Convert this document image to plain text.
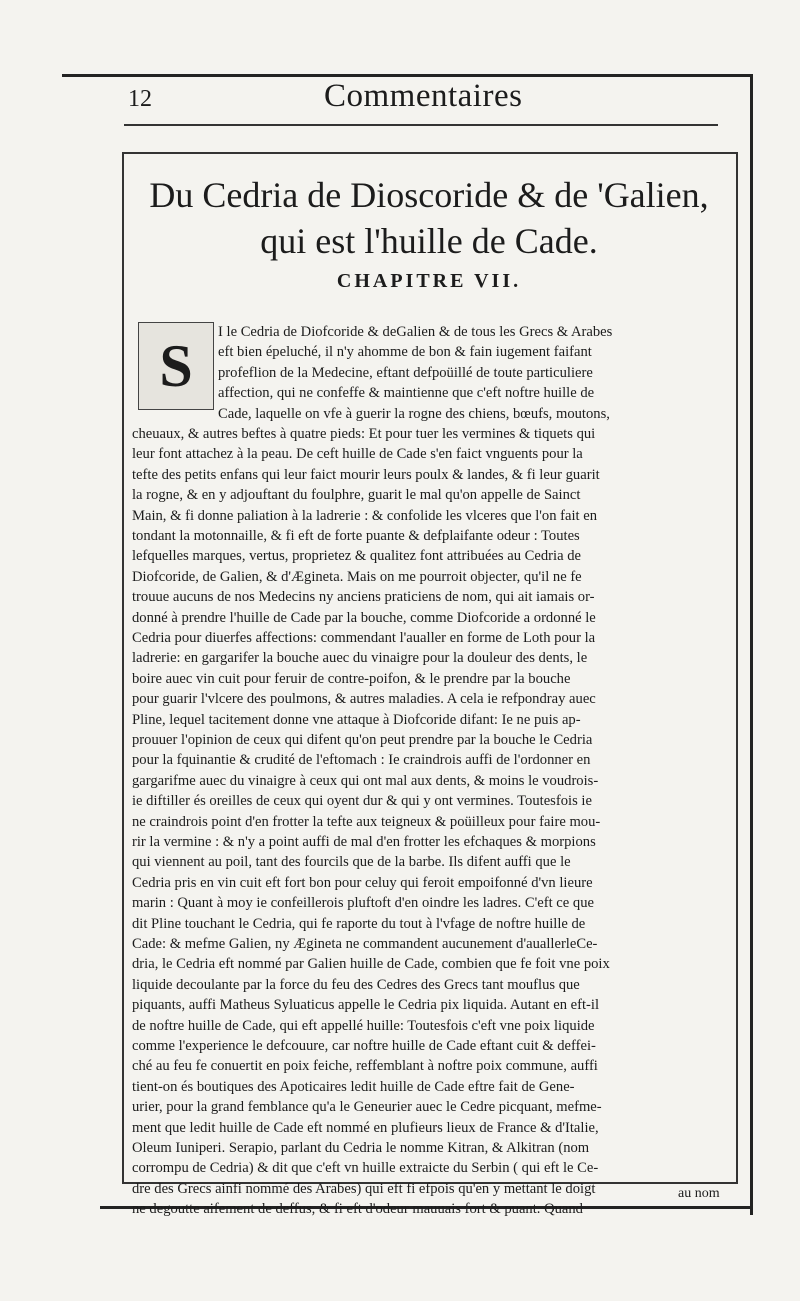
12	Commentaires
Du Cedria de Dioscoride & de 'Galien,
qui est l'huille de Cade.
CHAPITRE VII.
S
I le Cedria de Diofcoride & deGalien & de tous les Grecs & Arabes
eft bien épeluché, il n'y ahomme de bon & fain iugement faifant
profeflion de la Medecine, eftant defpoüillé de toute particuliere
affection, qui ne confeffe & maintienne que c'eft noftre huille de
Cade, laquelle on vfe à guerir la rogne des chiens, bœufs, moutons,
cheuaux, & autres beftes à quatre pieds: Et pour tuer les vermines & tiquets qui
leur font attachez à la peau. De ceft huille de Cade s'en faict vnguents pour la
tefte des petits enfans qui leur faict mourir leurs poulx & landes, & fi leur guarit
la rogne, & en y adjouftant du foulphre, guarit le mal qu'on appelle de Sainct
Main, & fi donne paliation à la ladrerie : & confolide les vlceres que l'on fait en
tondant la motonnaille, & fi eft de forte puante & defplaifante odeur : Toutes
lefquelles marques, vertus, proprietez & qualitez font attribuées au Cedria de
Diofcoride, de Galien, & d'Ægineta. Mais on me pourroit objecter, qu'il ne fe
trouue aucuns de nos Medecins ny anciens praticiens de nom, qui ait iamais or-
donné à prendre l'huille de Cade par la bouche, comme Diofcoride a ordonné le
Cedria pour diuerfes affections: commendant l'aualler en forme de Loth pour la
ladrerie: en gargarifer la bouche auec du vinaigre pour la douleur des dents, le
boire auec vin cuit pour feruir de contre-poifon, & le prendre par la bouche
pour guarir l'vlcere des poulmons, & autres maladies. A cela ie refpondray auec
Pline, lequel tacitement donne vne attaque à Diofcoride difant: Ie ne puis ap-
prouuer l'opinion de ceux qui difent qu'on peut prendre par la bouche le Cedria
pour la fquinantie & crudité de l'eftomach : Ie craindrois auffi de l'ordonner en
gargarifme auec du vinaigre à ceux qui ont mal aux dents, & moins le voudrois-
ie diftiller és oreilles de ceux qui oyent dur & qui y ont vermines. Toutesfois ie
ne craindrois point d'en frotter la tefte aux teigneux & poüilleux pour faire mou-
rir la vermine : & n'y a point auffi de mal d'en frotter les efchaques & morpions
qui viennent au poil, tant des fourcils que de la barbe. Ils difent auffi que le
Cedria pris en vin cuit eft fort bon pour celuy qui feroit empoifonné d'vn lieure
marin : Quant à moy ie confeillerois pluftoft d'en oindre les ladres. C'eft ce que
dit Pline touchant le Cedria, qui fe raporte du tout à l'vfage de noftre huille de
Cade: & mefme Galien, ny Ægineta ne commandent aucunement d'auallerleCe-
dria, le Cedria eft nommé par Galien huille de Cade, combien que fe foit vne poix
liquide decoulante par la force du feu des Cedres des Grecs tant mouflus que
piquants, auffi Matheus Syluaticus appelle le Cedria pix liquida. Autant en eft-il
de noftre huille de Cade, qui eft appellé huille: Toutesfois c'eft vne poix liquide
comme l'experience le defcouure, car noftre huille de Cade eftant cuit & deffei-
ché au feu fe conuertit en poix feiche, reffemblant à noftre poix commune, auffi
tient-on és boutiques des Apoticaires ledit huille de Cade eftre fait de Gene-
urier, pour la grand femblance qu'a le Geneurier auec le Cedre picquant, mefme-
ment que ledit huille de Cade eft nommé en plufieurs lieux de France & d'Italie,
Oleum Iuniperi. Serapio, parlant du Cedria le nomme Kitran, & Alkitran (nom
corrompu de Cedria) & dit que c'eft vn huille extraicte du Serbin ( qui eft le Ce-
dre des Grecs ainfi nommé des Arabes) qui eft fi efpois qu'en y mettant le doigt
ne degoutte aifement de deffus, & fi eft d'odeur mauuais fort & puant. Quand
au nom
